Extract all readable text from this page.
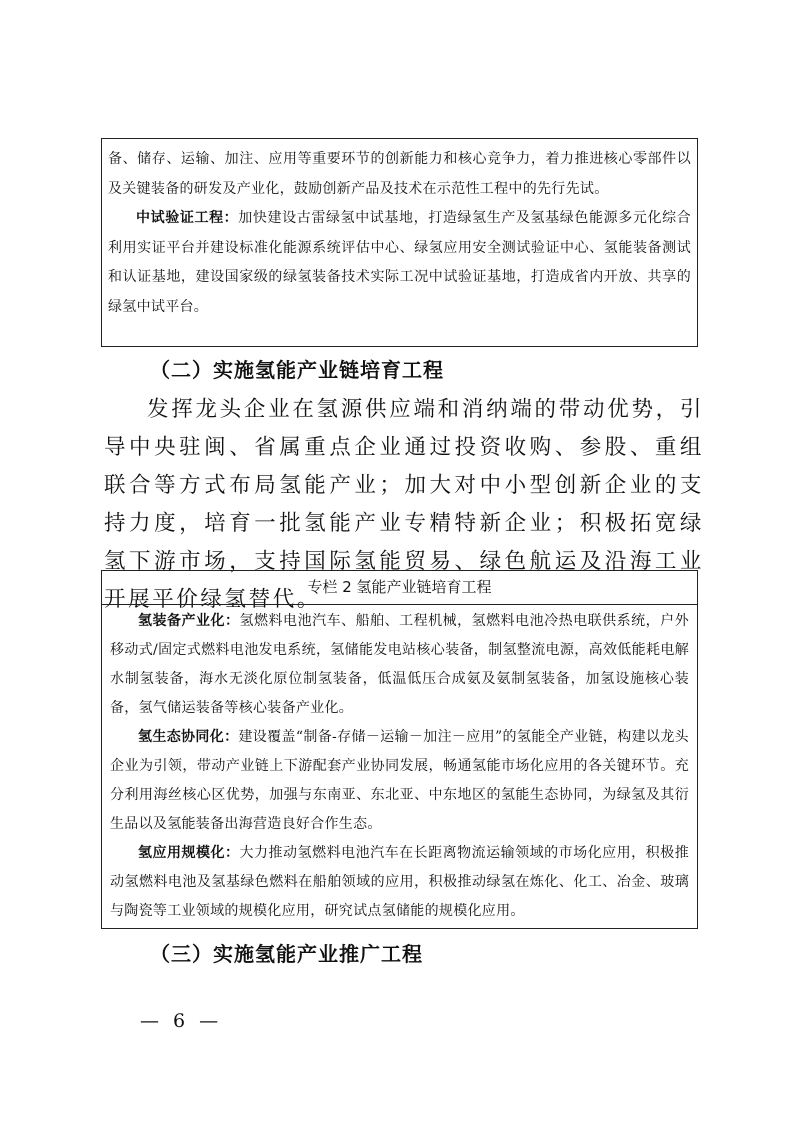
备、储存、运输、加注、应用等重要环节的创新能力和核心竞争力，着力推进核心零部件以及关键装备的研发及产业化，鼓励创新产品及技术在示范性工程中的先行先试。

中试验证工程：加快建设古雷绿氢中试基地，打造绿氢生产及氢基绿色能源多元化综合利用实证平台并建设标准化能源系统评估中心、绿氢应用安全测试验证中心、氢能装备测试和认证基地，建设国家级的绿氢装备技术实际工况中试验证基地，打造成省内开放、共享的绿氢中试平台。

（二）实施氢能产业链培育工程

发挥龙头企业在氢源供应端和消纳端的带动优势，引导中央驻闽、省属重点企业通过投资收购、参股、重组联合等方式布局氢能产业；加大对中小型创新企业的支持力度，培育一批氢能产业专精特新企业；积极拓宽绿氢下游市场，支持国际氢能贸易、绿色航运及沿海工业开展平价绿氢替代。

专栏 2 氢能产业链培育工程

氢装备产业化：氢燃料电池汽车、船舶、工程机械，氢燃料电池冷热电联供系统，户外移动式/固定式燃料电池发电系统，氢储能发电站核心装备，制氢整流电源，高效低能耗电解水制氢装备，海水无淡化原位制氢装备，低温低压合成氨及氨制氢装备，加氢设施核心装备，氢气储运装备等核心装备产业化。

氢生态协同化：建设覆盖“制备-存储－运输－加注－应用”的氢能全产业链，构建以龙头企业为引领，带动产业链上下游配套产业协同发展，畅通氢能市场化应用的各关键环节。充分利用海丝核心区优势，加强与东南亚、东北亚、中东地区的氢能生态协同，为绿氢及其衍生品以及氢能装备出海营造良好合作生态。

氢应用规模化：大力推动氢燃料电池汽车在长距离物流运输领域的市场化应用，积极推动氢燃料电池及氢基绿色燃料在船舶领域的应用，积极推动绿氢在炼化、化工、冶金、玻璃与陶瓷等工业领域的规模化应用，研究试点氢储能的规模化应用。

（三）实施氢能产业推广工程
— 6 —
